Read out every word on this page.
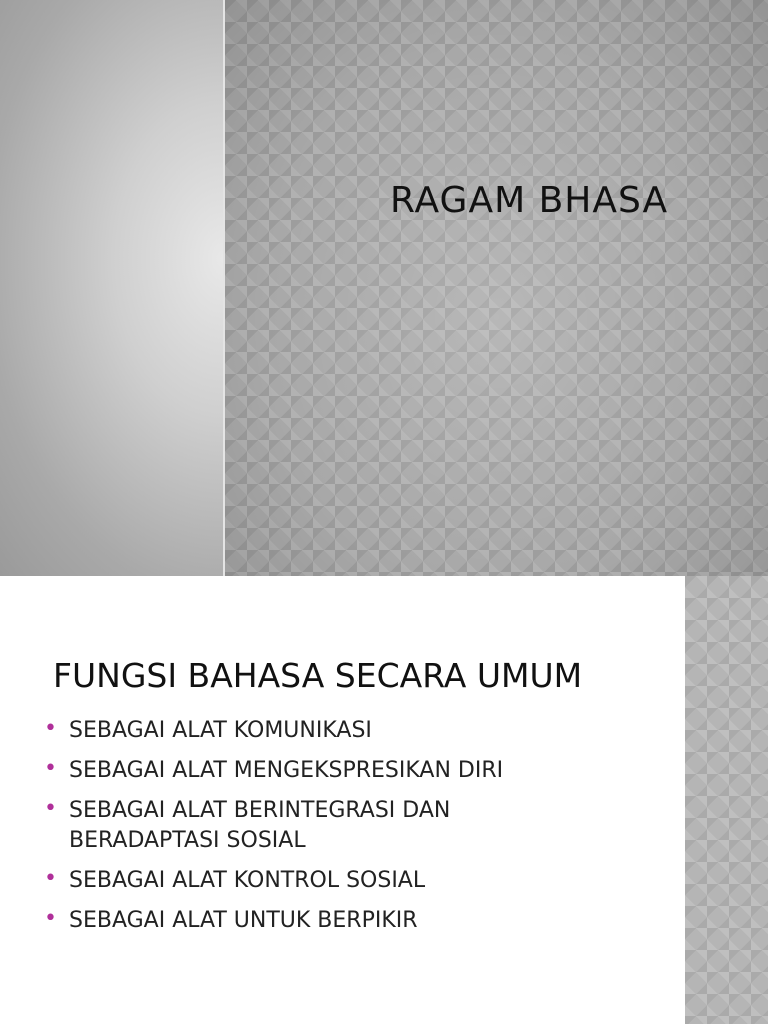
RAGAM BHASA
FUNGSI BAHASA SECARA UMUM
• SEBAGAI ALAT KOMUNIKASI
• SEBAGAI ALAT MENGEKSPRESIKAN DIRI
• SEBAGAI ALAT BERINTEGRASI DAN BERADAPTASI SOSIAL
• SEBAGAI ALAT KONTROL SOSIAL
• SEBAGAI ALAT UNTUK BERPIKIR
